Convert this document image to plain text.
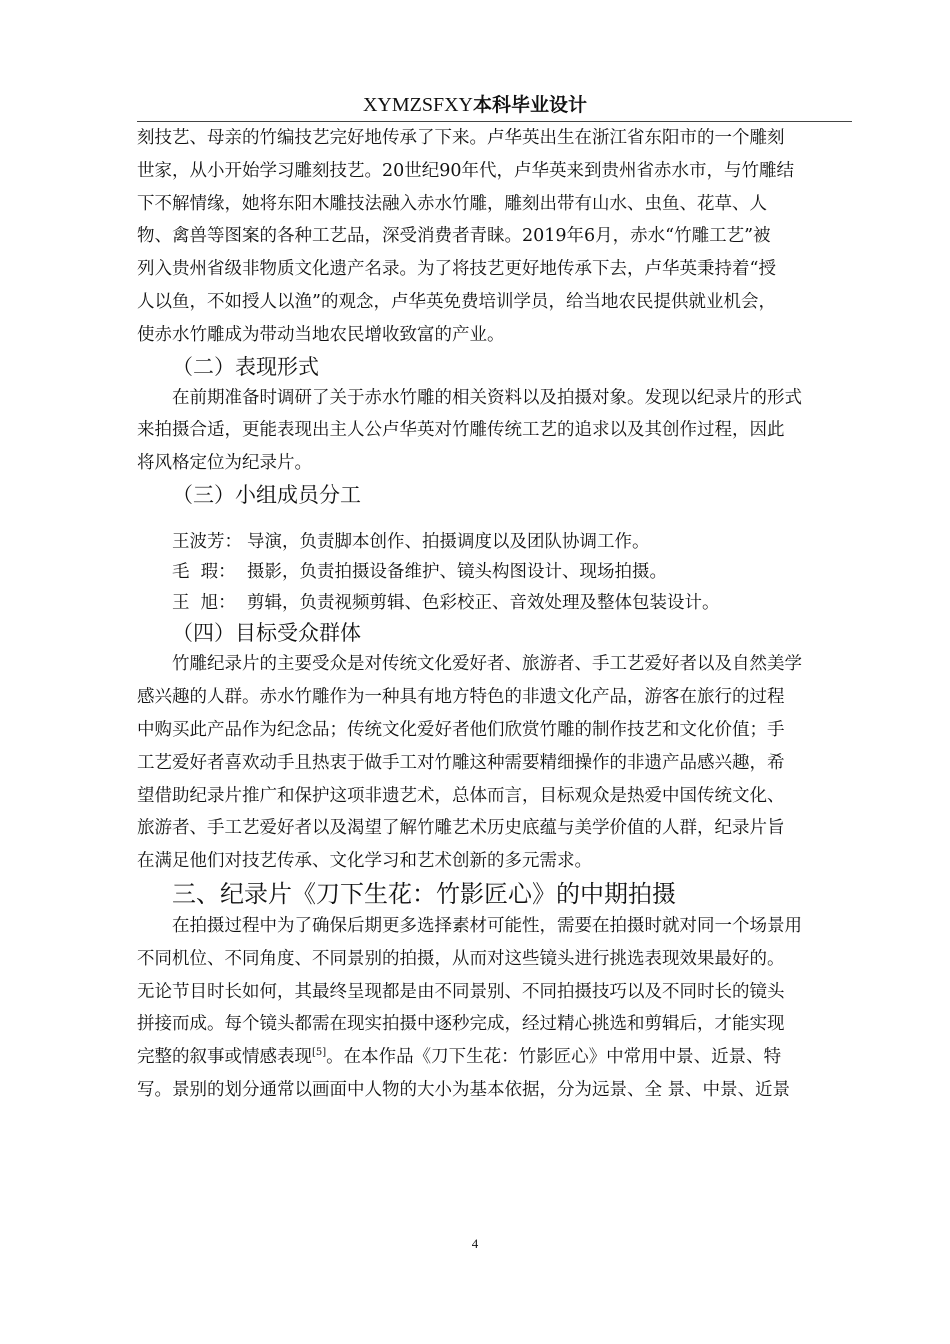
XYMZSFXY本科毕业设计

刻技艺、母亲的竹编技艺完好地传承了下来。卢华英出生在浙江省东阳市的一个雕刻
世家，从小开始学习雕刻技艺。20世纪90年代，卢华英来到贵州省赤水市，与竹雕结
下不解情缘，她将东阳木雕技法融入赤水竹雕，雕刻出带有山水、虫鱼、花草、人
物、禽兽等图案的各种工艺品，深受消费者青睐。2019年6月，赤水“竹雕工艺”被
列入贵州省级非物质文化遗产名录。为了将技艺更好地传承下去，卢华英秉持着“授
人以鱼，不如授人以渔”的观念，卢华英免费培训学员，给当地农民提供就业机会，
使赤水竹雕成为带动当地农民增收致富的产业。

（二）表现形式

在前期准备时调研了关于赤水竹雕的相关资料以及拍摄对象。发现以纪录片的形式
来拍摄合适，更能表现出主人公卢华英对竹雕传统工艺的追求以及其创作过程，因此
将风格定位为纪录片。

（三）小组成员分工

王波芳： 导演，负责脚本创作、拍摄调度以及团队协调工作。

毛  瑕： 摄影，负责拍摄设备维护、镜头构图设计、现场拍摄。

王  旭： 剪辑，负责视频剪辑、色彩校正、音效处理及整体包装设计。

（四）目标受众群体

竹雕纪录片的主要受众是对传统文化爱好者、旅游者、手工艺爱好者以及自然美学
感兴趣的人群。赤水竹雕作为一种具有地方特色的非遗文化产品，游客在旅行的过程
中购买此产品作为纪念品；传统文化爱好者他们欣赏竹雕的制作技艺和文化价值；手
工艺爱好者喜欢动手且热衷于做手工对竹雕这种需要精细操作的非遗产品感兴趣，希
望借助纪录片推广和保护这项非遗艺术，总体而言，目标观众是热爱中国传统文化、
旅游者、手工艺爱好者以及渴望了解竹雕艺术历史底蕴与美学价值的人群，纪录片旨
在满足他们对技艺传承、文化学习和艺术创新的多元需求。

三、纪录片《刀下生花：竹影匠心》的中期拍摄

在拍摄过程中为了确保后期更多选择素材可能性，需要在拍摄时就对同一个场景用
不同机位、不同角度、不同景别的拍摄，从而对这些镜头进行挑选表现效果最好的。
无论节目时长如何，其最终呈现都是由不同景别、不同拍摄技巧以及不同时长的镜头
拼接而成。每个镜头都需在现实拍摄中逐秒完成，经过精心挑选和剪辑后，才能实现
完整的叙事或情感表现[5]。在本作品《刀下生花：竹影匠心》中常用中景、近景、特
写。景别的划分通常以画面中人物的大小为基本依据，分为远景、全 景、中景、近景

4
